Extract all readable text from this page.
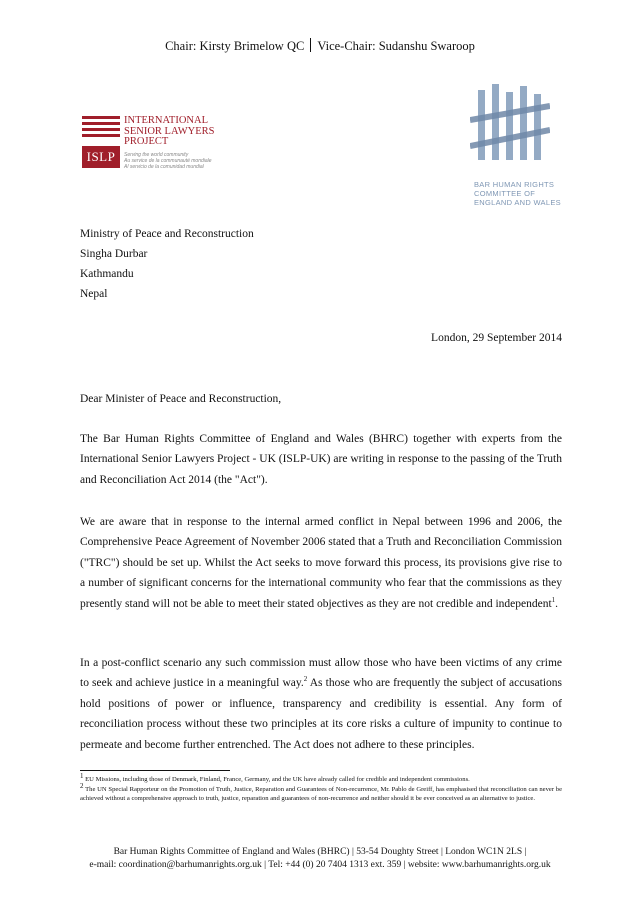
Chair: Kirsty Brimelow QC Vice-Chair: Sudanshu Swaroop
ISLP
INTERNATIONAL
SENIOR LAWYERS
PROJECT
Serving the world community
Au service de la communauté mondiale
Al servicio de la comunidad mundial
BAR HUMAN RIGHTS
COMMITTEE OF
ENGLAND AND WALES
Ministry of Peace and Reconstruction
Singha Durbar
Kathmandu
Nepal
London, 29 September 2014
Dear Minister of Peace and Reconstruction,
The Bar Human Rights Committee of England and Wales (BHRC) together with experts from the International Senior Lawyers Project - UK (ISLP-UK) are writing in response to the passing of the Truth and Reconciliation Act 2014 (the "Act").
We are aware that in response to the internal armed conflict in Nepal between 1996 and 2006, the Comprehensive Peace Agreement of November 2006 stated that a Truth and Reconciliation Commission ("TRC") should be set up. Whilst the Act seeks to move forward this process, its provisions give rise to a number of significant concerns for the international community who fear that the commissions as they presently stand will not be able to meet their stated objectives as they are not credible and independent$^1$.
In a post-conflict scenario any such commission must allow those who have been victims of any crime to seek and achieve justice in a meaningful way.$^2$ As those who are frequently the subject of accusations hold positions of power or influence, transparency and credibility is essential. Any form of reconciliation process without these two principles at its core risks a culture of impunity to continue to permeate and become further entrenched. The Act does not adhere to these principles.

$^1$ EU Missions, including those of Denmark, Finland, France, Germany, and the UK have already called for credible and independent commissions.

$^2$ The UN Special Rapporteur on the Promotion of Truth, Justice, Reparation and Guarantees of Non-recurrence, Mr. Pablo de Greiff, has emphasised that reconciliation can never be achieved without a comprehensive approach to truth, justice, reparation and guarantees of non-recurrence and neither should it be ever conceived as an alternative to justice.

Bar Human Rights Committee of England and Wales (BHRC) | 53-54 Doughty Street | London WC1N 2LS |
e-mail: coordination@barhumanrights.org.uk | Tel: +44 (0) 20 7404 1313 ext. 359 | website: www.barhumanrights.org.uk
